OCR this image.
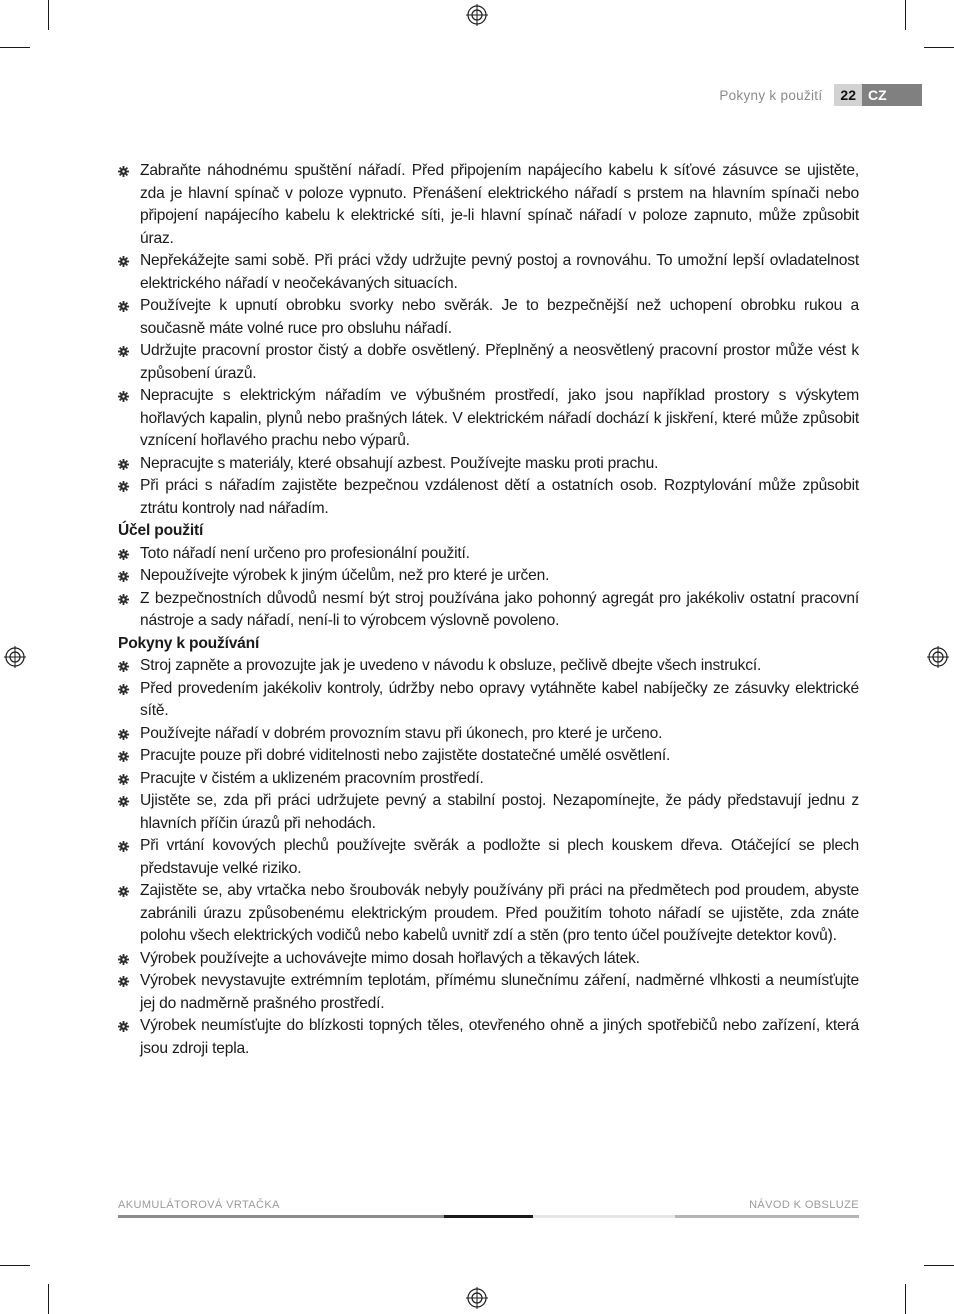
Pokyny k použití	22 CZ
Zabraňte náhodnému spuštění nářadí. Před připojením napájecího kabelu k síťové zásuvce se ujistěte, zda je hlavní spínač v poloze vypnuto. Přenášení elektrického nářadí s prstem na hlavním spínači nebo připojení napájecího kabelu k elektrické síti, je-li hlavní spínač nářadí v poloze zapnuto, může způsobit úraz.
Nepřekážejte sami sobě. Při práci vždy udržujte pevný postoj a rovnováhu. To umožní lepší ovladatelnost elektrického nářadí v neočekávaných situacích.
Používejte k upnutí obrobku svorky nebo svěrák. Je to bezpečnější než uchopení obrobku rukou a současně máte volné ruce pro obsluhu nářadí.
Udržujte pracovní prostor čistý a dobře osvětlený. Přeplněný a neosvětlený pracovní prostor může vést k způsobení úrazů.
Nepracujte s elektrickým nářadím ve výbušném prostředí, jako jsou například prostory s výskytem hořlavých kapalin, plynů nebo prašných látek. V elektrickém nářadí dochází k jiskření, které může způsobit vznícení hořlavého prachu nebo výparů.
Nepracujte s materiály, které obsahují azbest. Používejte masku proti prachu.
Při práci s nářadím zajistěte bezpečnou vzdálenost dětí a ostatních osob. Rozptylování může způsobit ztrátu kontroly nad nářadím.
Účel použití
Toto nářadí není určeno pro profesionální použití.
Nepoužívejte výrobek k jiným účelům, než pro které je určen.
Z bezpečnostních důvodů nesmí být stroj používána jako pohonný agregát pro jakékoliv ostatní pracovní nástroje a sady nářadí, není-li to výrobcem výslovně povoleno.
Pokyny k používání
Stroj zapněte a provozujte jak je uvedeno v návodu k obsluze, pečlivě dbejte všech instrukcí.
Před provedením jakékoliv kontroly, údržby nebo opravy vytáhněte kabel nabíječky ze zásuvky elektrické sítě.
Používejte nářadí v dobrém provozním stavu při úkonech, pro které je určeno.
Pracujte pouze při dobré viditelnosti nebo zajistěte dostatečné umělé osvětlení.
Pracujte v čistém a uklizeném pracovním prostředí.
Ujistěte se, zda při práci udržujete pevný a stabilní postoj. Nezapomínejte, že pády představují jednu z hlavních příčin úrazů při nehodách.
Při vrtání kovových plechů používejte svěrák a podložte si plech kouskem dřeva. Otáčející se plech představuje velké riziko.
Zajistěte se, aby vrtačka nebo šroubovák nebyly používány při práci na předmětech pod proudem, abyste zabránili úrazu způsobenému elektrickým proudem. Před použitím tohoto nářadí se ujistěte, zda znáte polohu všech elektrických vodičů nebo kabelů uvnitř zdí a stěn (pro tento účel používejte detektor kovů).
Výrobek používejte a uchovávejte mimo dosah hořlavých a těkavých látek.
Výrobek nevystavujte extrémním teplotám, přímému slunečnímu záření, nadměrné vlhkosti a neumísťujte jej do nadměrně prašného prostředí.
Výrobek neumísťujte do blízkosti topných těles, otevřeného ohně a jiných spotřebičů nebo zařízení, která jsou zdroji tepla.
AKUMULÁTOROVÁ VRTAČKA	NÁVOD K OBSLUZE
